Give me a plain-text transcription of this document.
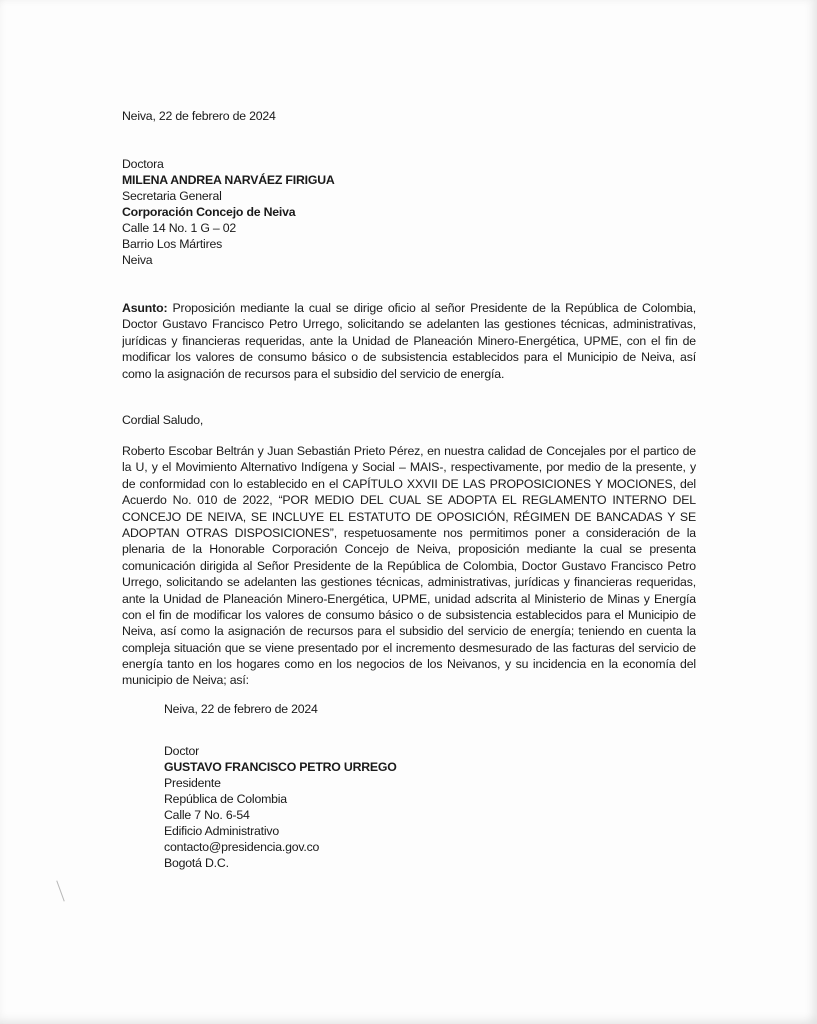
Neiva, 22 de febrero de 2024
Doctora
MILENA ANDREA NARVÁEZ FIRIGUA
Secretaria General
Corporación Concejo de Neiva
Calle 14 No. 1 G – 02
Barrio Los Mártires
Neiva
Asunto: Proposición mediante la cual se dirige oficio al señor Presidente de la República de Colombia,
Doctor Gustavo Francisco Petro Urrego, solicitando se adelanten las gestiones técnicas, administrativas,
jurídicas y financieras requeridas, ante la Unidad de Planeación Minero-Energética, UPME, con el fin de
modificar los valores de consumo básico o de subsistencia establecidos para el Municipio de Neiva, así
como la asignación de recursos para el subsidio del servicio de energía.
Cordial Saludo,
Roberto Escobar Beltrán y Juan Sebastián Prieto Pérez, en nuestra calidad de Concejales por el partico de
la U, y el Movimiento Alternativo Indígena y Social – MAIS-, respectivamente, por medio de la presente, y
de conformidad con lo establecido en el CAPÍTULO XXVII DE LAS PROPOSICIONES Y MOCIONES, del
Acuerdo No. 010 de 2022, “POR MEDIO DEL CUAL SE ADOPTA EL REGLAMENTO INTERNO DEL
CONCEJO DE NEIVA, SE INCLUYE EL ESTATUTO DE OPOSICIÓN, RÉGIMEN DE BANCADAS Y SE
ADOPTAN OTRAS DISPOSICIONES”, respetuosamente nos permitimos poner a consideración de la
plenaria de la Honorable Corporación Concejo de Neiva, proposición mediante la cual se presenta
comunicación dirigida al Señor Presidente de la República de Colombia, Doctor Gustavo Francisco Petro
Urrego, solicitando se adelanten las gestiones técnicas, administrativas, jurídicas y financieras requeridas,
ante la Unidad de Planeación Minero-Energética, UPME, unidad adscrita al Ministerio de Minas y Energía
con el fin de modificar los valores de consumo básico o de subsistencia establecidos para el Municipio de
Neiva, así como la asignación de recursos para el subsidio del servicio de energía; teniendo en cuenta la
compleja situación que se viene presentado por el incremento desmesurado de las facturas del servicio de
energía tanto en los hogares como en los negocios de los Neivanos, y su incidencia en la economía del
municipio de Neiva; así:
Neiva, 22 de febrero de 2024
Doctor
GUSTAVO FRANCISCO PETRO URREGO
Presidente
República de Colombia
Calle 7 No. 6-54
Edificio Administrativo
contacto@presidencia.gov.co
Bogotá D.C.
